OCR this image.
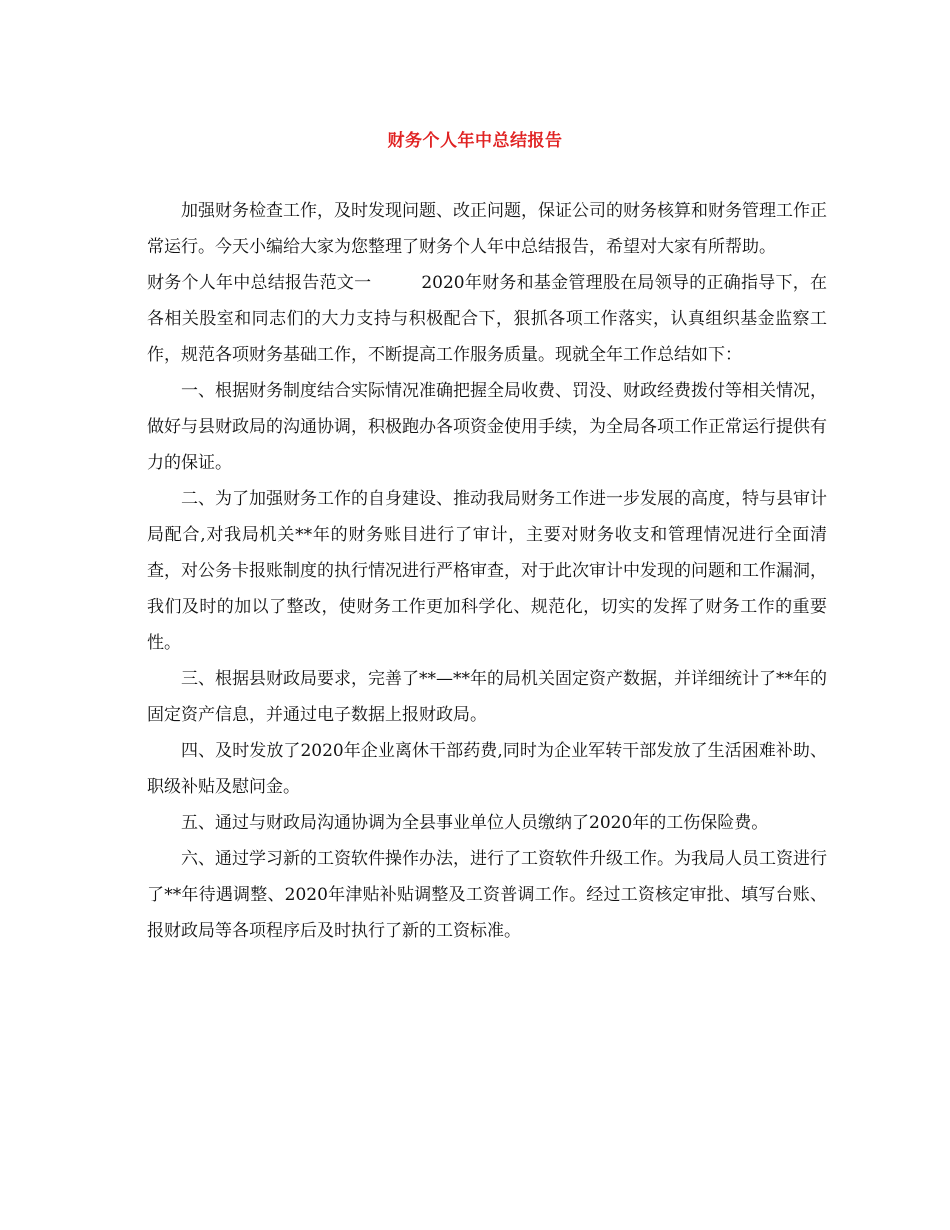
财务个人年中总结报告

加强财务检查工作，及时发现问题、改正问题，保证公司的财务核算和财务管理工作正常运行。今天小编给大家为您整理了财务个人年中总结报告，希望对大家有所帮助。

财务个人年中总结报告范文一	2020年财务和基金管理股在局领导的正确指导下，在各相关股室和同志们的大力支持与积极配合下，狠抓各项工作落实，认真组织基金监察工作，规范各项财务基础工作，不断提高工作服务质量。现就全年工作总结如下：

一、根据财务制度结合实际情况准确把握全局收费、罚没、财政经费拨付等相关情况，做好与县财政局的沟通协调，积极跑办各项资金使用手续，为全局各项工作正常运行提供有力的保证。

二、为了加强财务工作的自身建设、推动我局财务工作进一步发展的高度，特与县审计局配合,对我局机关**年的财务账目进行了审计，主要对财务收支和管理情况进行全面清查，对公务卡报账制度的执行情况进行严格审查，对于此次审计中发现的问题和工作漏洞，我们及时的加以了整改，使财务工作更加科学化、规范化，切实的发挥了财务工作的重要性。

三、根据县财政局要求，完善了**—**年的局机关固定资产数据，并详细统计了**年的固定资产信息，并通过电子数据上报财政局。

四、及时发放了2020年企业离休干部药费,同时为企业军转干部发放了生活困难补助、职级补贴及慰问金。

五、通过与财政局沟通协调为全县事业单位人员缴纳了2020年的工伤保险费。

六、通过学习新的工资软件操作办法，进行了工资软件升级工作。为我局人员工资进行了**年待遇调整、2020年津贴补贴调整及工资普调工作。经过工资核定审批、填写台账、报财政局等各项程序后及时执行了新的工资标准。
